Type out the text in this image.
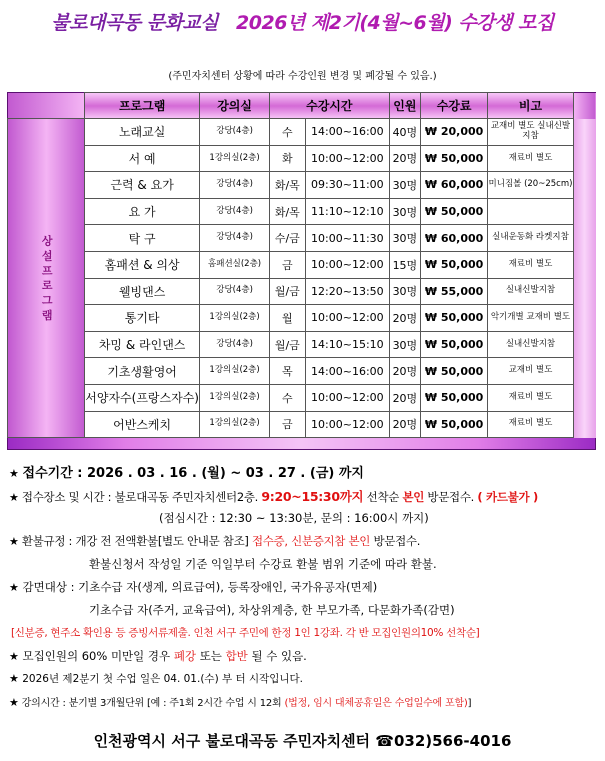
불로대곡동 문화교실 2026년 제2기(4월~6월) 수강생 모집
(주민자치센터 상황에 따라 수강인원 변경 및 폐강될 수 있음.)
	프로그램	강의실	수강시간		인원	수강료	비고	
상 설 프 로 그 램	노래교실	강당(4층)	수	14:00~16:00	40명	₩ 20,000	교재비 별도 실내신발지참	
	서 예	1강의실(2층)	화	10:00~12:00	20명	₩ 50,000	재료비 별도	
	근력 & 요가	강당(4층)	화/목	09:30~11:00	30명	₩ 60,000	미니짐볼 (20~25cm)	
	요 가	강당(4층)	화/목	11:10~12:10	30명	₩ 50,000		
	탁 구	강당(4층)	수/금	10:00~11:30	30명	₩ 60,000	실내운동화 라켓지참	
	홈패션 & 의상	홈패션실(2층)	금	10:00~12:00	15명	₩ 50,000	재료비 별도	
	웰빙댄스	강당(4층)	월/금	12:20~13:50	30명	₩ 55,000	실내신발지참	
	통기타	1강의실(2층)	월	10:00~12:00	20명	₩ 50,000	악기개별 교재비 별도	
	차밍 & 라인댄스	강당(4층)	월/금	14:10~15:10	30명	₩ 50,000	실내신발지참	
	기초생활영어	1강의실(2층)	목	14:00~16:00	20명	₩ 50,000	교재비 별도	
	서양자수(프랑스자수)	1강의실(2층)	수	10:00~12:00	20명	₩ 50,000	재료비 별도	
	어반스케치	1강의실(2층)	금	10:00~12:00	20명	₩ 50,000	재료비 별도	

★ 접수기간 : 2026 . 03 . 16 . (월) ~ 03 . 27 . (금) 까지
★ 접수장소 및 시간 : 불로대곡동 주민자치센터2층. 9:20~15:30까지 선착순 본인 방문접수. ( 카드불가 )
(점심시간 : 12:30 ~ 13:30분, 문의 : 16:00시 까지)
★ 환불규정 : 개강 전 전액환불[별도 안내문 참조] 접수증, 신분증지참 본인 방문접수.
환불신청서 작성일 기준 익일부터 수강료 환불 범위 기준에 따라 환불.
★ 감면대상 : 기초수급 자(생계, 의료급여), 등록장애인, 국가유공자(면제)
기초수급 자(주거, 교육급여), 차상위계층, 한 부모가족, 다문화가족(감면)
[신분증, 현주소 확인용 등 증빙서류제출. 인천 서구 주민에 한정 1인 1강좌. 각 반 모집인원의10% 선착순]
★ 모집인원의 60% 미만일 경우 폐강 또는 합반 될 수 있음.
★ 2026년 제2분기 첫 수업 일은 04. 01.(수) 부 터 시작입니다.
★ 강의시간 : 분기별 3개월단위 [예 : 주1회 2시간 수업 시 12회 (법정, 임시 대체공휴일은 수업일수에 포함)]
인천광역시 서구 불로대곡동 주민자치센터 ☎032)566-4016
